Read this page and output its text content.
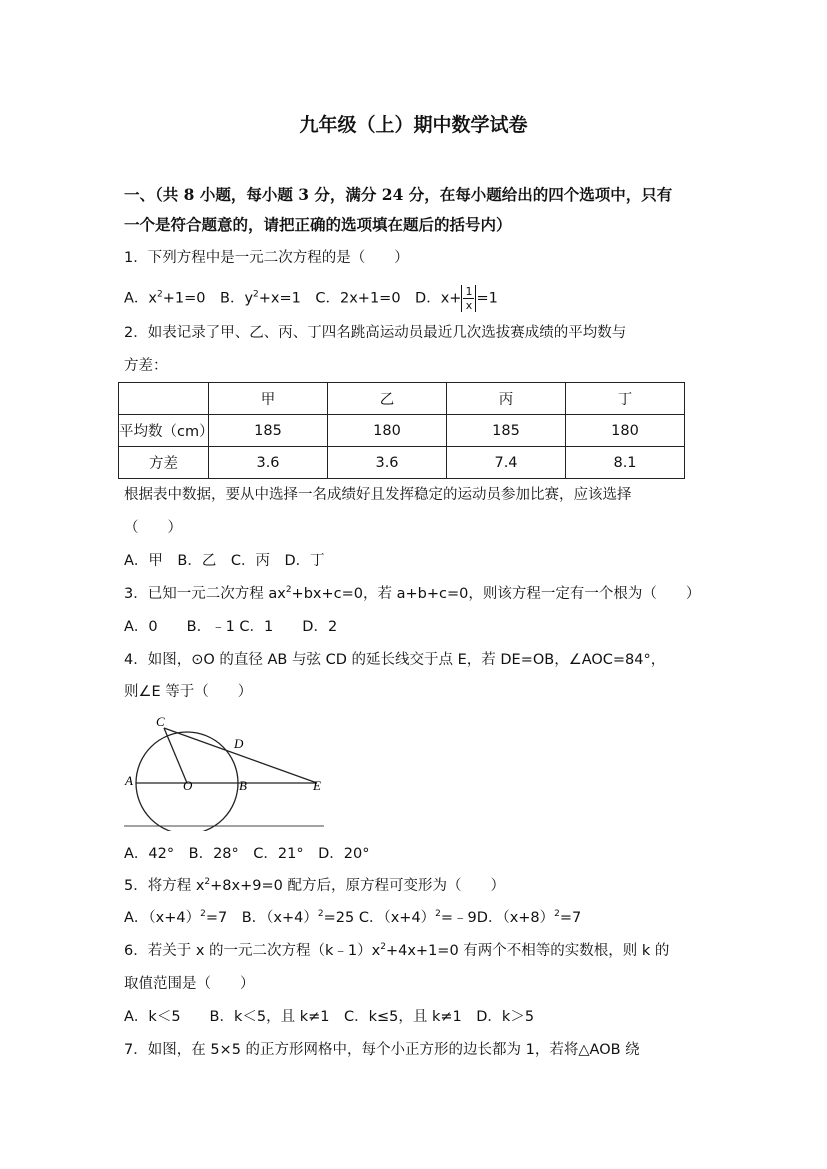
九年级（上）期中数学试卷
一、（共 8 小题，每小题 3 分，满分 24 分，在每小题给出的四个选项中，只有
一个是符合题意的，请把正确的选项填在题后的括号内）
1．下列方程中是一元二次方程的是（　　）
A．$x^2+1=0$　B．$y^2+x=1$　C．2x+1=0　D．$x+ \frac{1}{x} =1$
2．如表记录了甲、乙、丙、丁四名跳高运动员最近几次选拔赛成绩的平均数与
方差：
	甲	乙	丙	丁
平均数（cm）	185	180	185	180
方差	3.6	3.6	7.4	8.1
根据表中数据，要从中选择一名成绩好且发挥稳定的运动员参加比赛，应该选择
（　　）
A．甲　B．乙　C．丙　D．丁
3．已知一元二次方程 $ax^2+bx+c=0$，若 a+b+c=0，则该方程一定有一个根为（　　）
A．0　　B．﹣1 C．1　　D．2
4．如图，⊙O 的直径 AB 与弦 CD 的延长线交于点 E，若 DE=OB，∠AOC=84°，
则∠E 等于（　　）
C
D
A	O	B	E
A．42°　B．28°　C．21°　D．20°
5．将方程 $x^2+8x+9=0$ 配方后，原方程可变形为（　　）
A．$(x+4)^2=7$　B．$(x+4)^2=25$ C．$(x+4)^2=﹣9D$．$(x+8)^2=7$
6．若关于 x 的一元二次方程$(k﹣1)x^2+4x+1=0$ 有两个不相等的实数根，则 k 的
取值范围是（　　）
A．k＜5　　B．k＜5，且 k≠1　C．k≤5，且 k≠1　D．k＞5
7．如图，在 5×5 的正方形网格中，每个小正方形的边长都为 1，若将△AOB 绕
